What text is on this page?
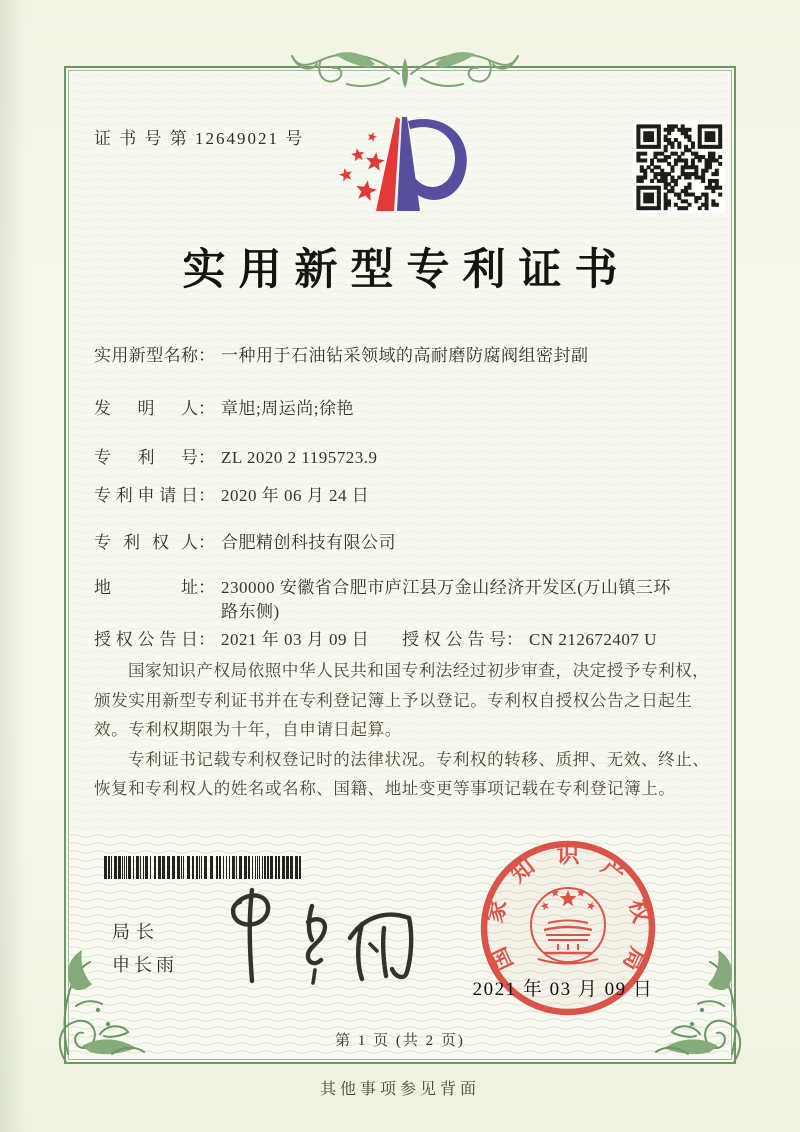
证 书 号 第 12649021 号
实用新型专利证书
实用新型名称 ： 一种用于石油钻采领域的高耐磨防腐阀组密封副
发明人 ： 章旭;周运尚;徐艳
专利号 ： ZL 2020 2 1195723.9
专利申请日 ： 2020 年 06 月 24 日
专利权人 ： 合肥精创科技有限公司
地址 ： 230000 安徽省合肥市庐江县万金山经济开发区(万山镇三环路东侧)
授权公告日 ： 2021 年 03 月 09 日	授权公告号 ： CN 212672407 U

国家知识产权局依照中华人民共和国专利法经过初步审查，决定授予专利权，颁发实用新型专利证书并在专利登记簿上予以登记。专利权自授权公告之日起生效。专利权期限为十年，自申请日起算。

专利证书记载专利权登记时的法律状况。专利权的转移、质押、无效、终止、恢复和专利权人的姓名或名称、国籍、地址变更等事项记载在专利登记簿上。

局长
申长雨	国
家
知 识 产
权
局
2021 年 03 月 09 日
第 1 页 (共 2 页)
其他事项参见背面
